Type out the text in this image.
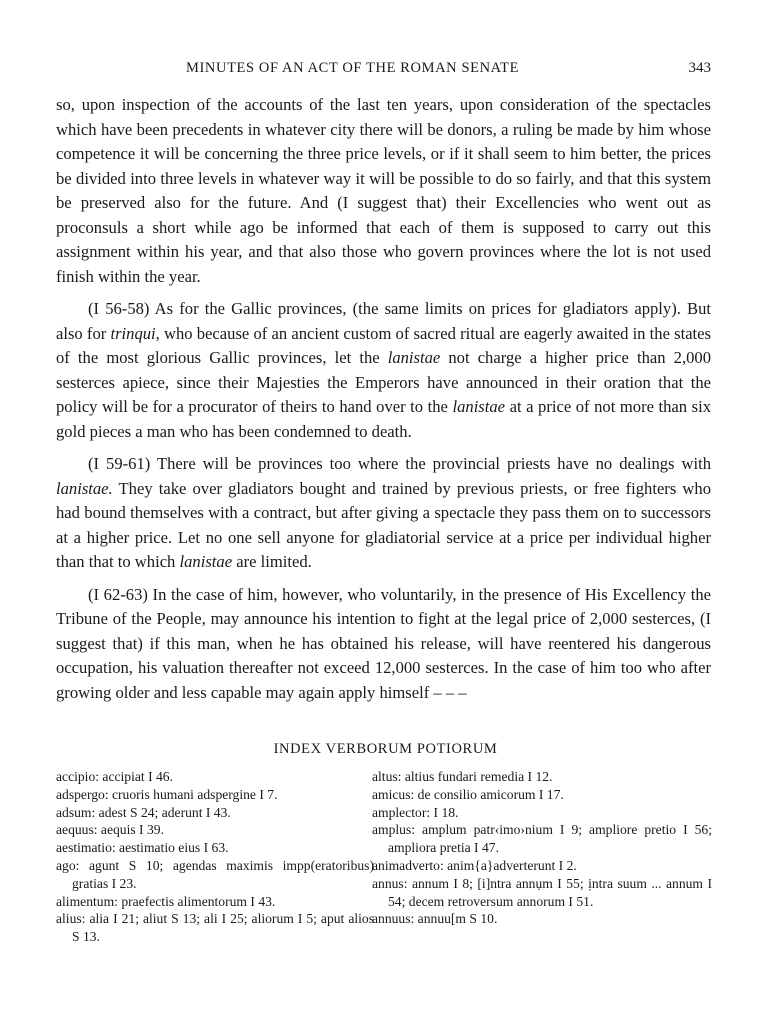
MINUTES OF AN ACT OF THE ROMAN SENATE	343

so, upon inspection of the accounts of the last ten years, upon consideration of the spectacles which have been precedents in whatever city there will be donors, a ruling be made by him whose competence it will be concerning the three price levels, or if it shall seem to him better, the prices be divided into three levels in whatever way it will be possible to do so fairly, and that this system be preserved also for the future. And (I suggest that) their Excellencies who went out as proconsuls a short while ago be informed that each of them is supposed to carry out this assignment within his year, and that also those who govern provinces where the lot is not used finish within the year.

(I 56-58) As for the Gallic provinces, (the same limits on prices for gladiators apply). But also for trinqui, who because of an ancient custom of sacred ritual are eagerly awaited in the states of the most glorious Gallic provinces, let the lanistae not charge a higher price than 2,000 sesterces apiece, since their Majesties the Emperors have announced in their oration that the policy will be for a procurator of theirs to hand over to the lanistae at a price of not more than six gold pieces a man who has been condemned to death.

(I 59-61) There will be provinces too where the provincial priests have no dealings with lanistae. They take over gladiators bought and trained by previous priests, or free fighters who had bound themselves with a contract, but after giving a spectacle they pass them on to successors at a higher price. Let no one sell anyone for gladiatorial service at a price per individual higher than that to which lanistae are limited.

(I 62-63) In the case of him, however, who voluntarily, in the presence of His Excellency the Tribune of the People, may announce his intention to fight at the legal price of 2,000 sesterces, (I suggest that) if this man, when he has obtained his release, will have reentered his dangerous occupation, his valuation thereafter not exceed 12,000 sesterces. In the case of him too who after growing older and less capable may again apply himself – – –

INDEX VERBORUM POTIORUM

accipio: accipiat I 46.

adspergo: cruoris humani adspergine I 7.

adsum: adest S 24; aderunt I 43.

aequus: aequis I 39.

aestimatio: aestimatio eius I 63.

ago: agunt S 10; agendas maximis impp(eratoribus) gratias I 23.

alimentum: praefectis alimentorum I 43.

alius: alia I 21; aliut S 13; ali I 25; aliorum I 5; aput alios S 13.

altus: altius fundari remedia I 12.

amicus: de consilio amicorum I 17.

amplector: I 18.

amplus: amplum patr‹imo›nium I 9; ampliore pretio I 56; ampliora pretia I 47.

animadverto: anim{a}adverterunt I 2.

annus: annum I 8; [i]ntra annụm I 55; ịntra suum ... annum I 54; decem retroversum annorum I 51.

annuus: annuu[m S 10.
